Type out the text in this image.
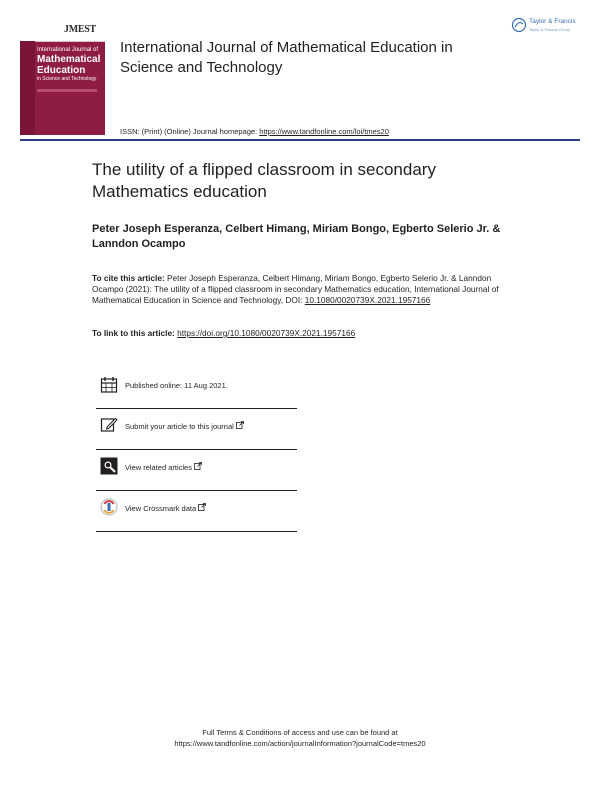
JMEST
International Journal of
Mathematical
Education
in Science and Technology
Taylor & Francis
Taylor & Francis Group
International Journal of Mathematical Education in Science and Technology
ISSN: (Print) (Online) Journal homepage: https://www.tandfonline.com/loi/tmes20
The utility of a flipped classroom in secondary Mathematics education
Peter Joseph Esperanza, Celbert Himang, Miriam Bongo, Egberto Selerio Jr. & Lanndon Ocampo
To cite this article: Peter Joseph Esperanza, Celbert Himang, Miriam Bongo, Egberto Selerio Jr. & Lanndon Ocampo (2021): The utility of a flipped classroom in secondary Mathematics education, International Journal of Mathematical Education in Science and Technology, DOI: 10.1080/0020739X.2021.1957166
To link to this article: https://doi.org/10.1080/0020739X.2021.1957166
Published online: 11 Aug 2021.
Submit your article to this journal
View related articles
View Crossmark data
Full Terms & Conditions of access and use can be found at
https://www.tandfonline.com/action/journalInformation?journalCode=tmes20
